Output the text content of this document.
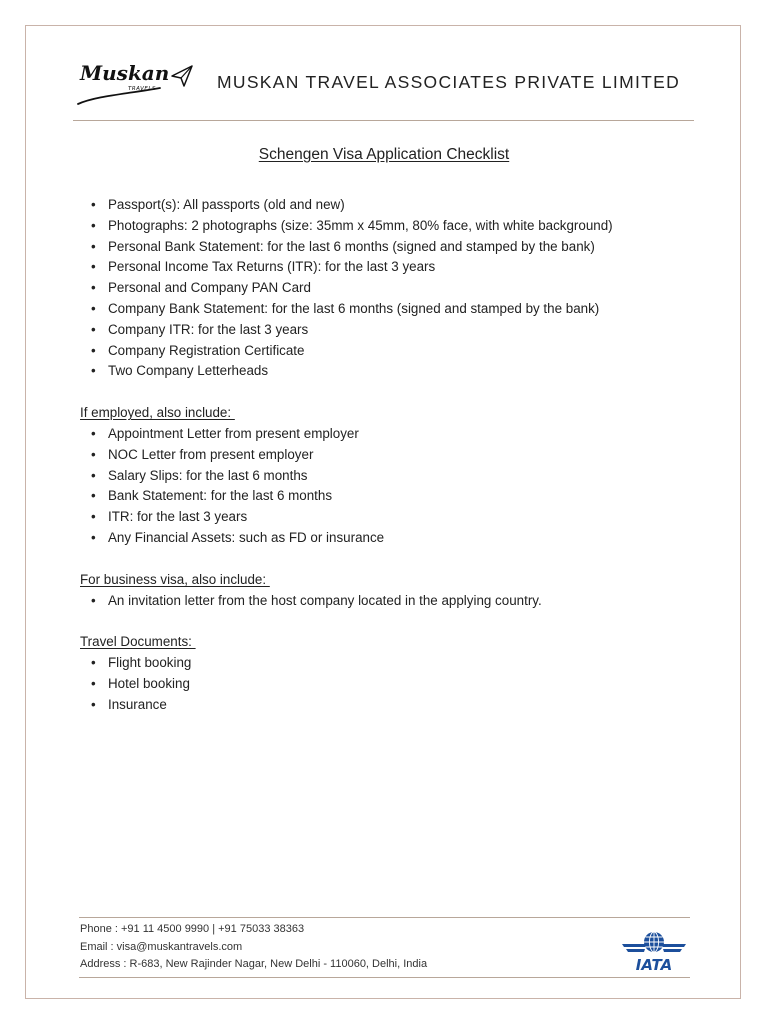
Muskan
TRAVELS	MUSKAN TRAVEL ASSOCIATES PRIVATE LIMITED
Schengen Visa Application Checklist
• Passport(s): All passports (old and new)
• Photographs: 2 photographs (size: 35mm x 45mm, 80% face, with white background)
• Personal Bank Statement: for the last 6 months (signed and stamped by the bank)
• Personal Income Tax Returns (ITR): for the last 3 years
• Personal and Company PAN Card
• Company Bank Statement: for the last 6 months (signed and stamped by the bank)
• Company ITR: for the last 3 years
• Company Registration Certificate
• Two Company Letterheads
If employed, also include:
• Appointment Letter from present employer
• NOC Letter from present employer
• Salary Slips: for the last 6 months
• Bank Statement: for the last 6 months
• ITR: for the last 3 years
• Any Financial Assets: such as FD or insurance
For business visa, also include:
• An invitation letter from the host company located in the applying country.
Travel Documents:
• Flight booking
• Hotel booking
• Insurance
Phone : +91 11 4500 9990 | +91 75033 38363
Email : visa@muskantravels.com
Address : R-683, New Rajinder Nagar, New Delhi - 110060, Delhi, India	IATA
